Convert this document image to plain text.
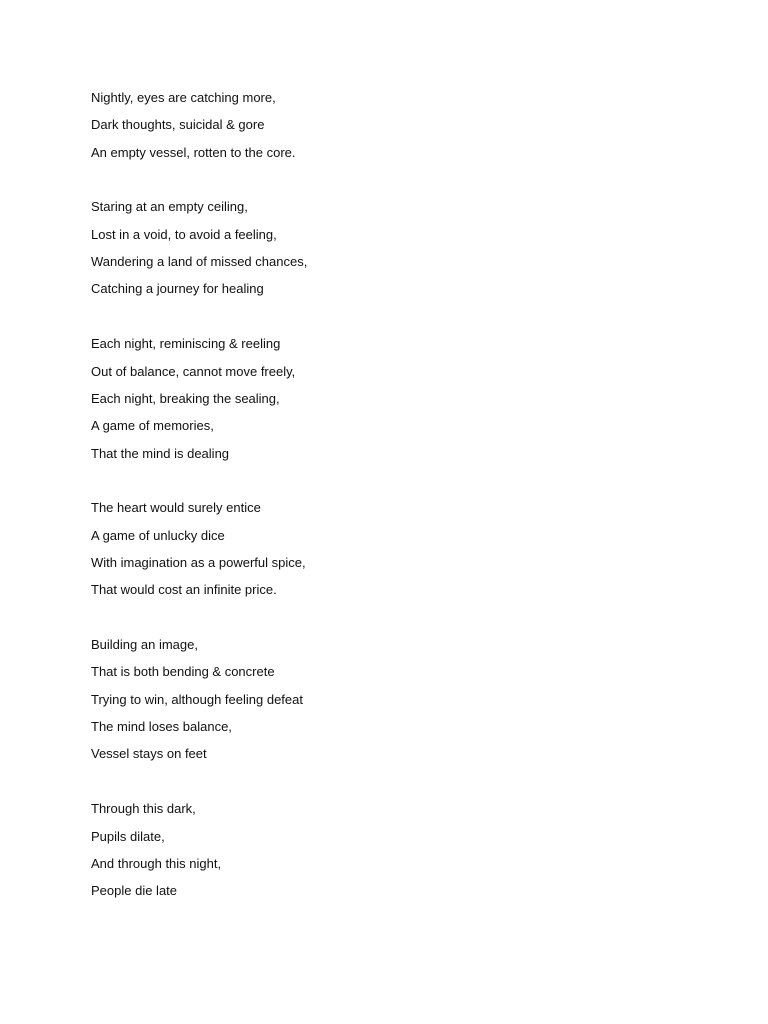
Nightly, eyes are catching more,
Dark thoughts, suicidal & gore
An empty vessel, rotten to the core.
Staring at an empty ceiling,
Lost in a void, to avoid a feeling,
Wandering a land of missed chances,
Catching a journey for healing
Each night, reminiscing & reeling
Out of balance, cannot move freely,
Each night, breaking the sealing,
A game of memories,
That the mind is dealing
The heart would surely entice
A game of unlucky dice
With imagination as a powerful spice,
That would cost an infinite price.
Building an image,
That is both bending & concrete
Trying to win, although feeling defeat
The mind loses balance,
Vessel stays on feet
Through this dark,
Pupils dilate,
And through this night,
People die late
